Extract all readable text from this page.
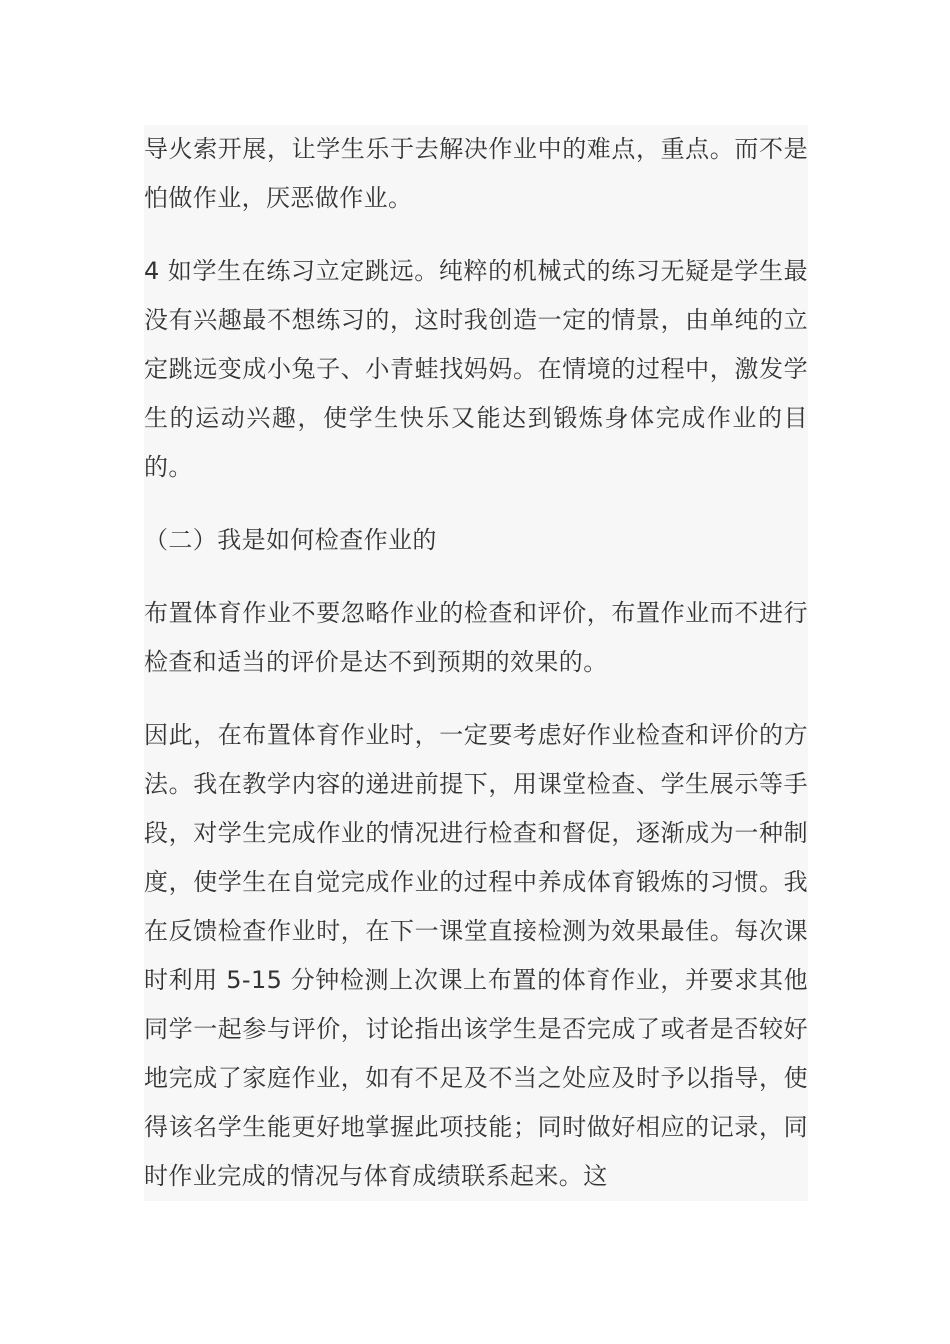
导火索开展，让学生乐于去解决作业中的难点，重点。而不是怕做作业，厌恶做作业。

4 如学生在练习立定跳远。纯粹的机械式的练习无疑是学生最没有兴趣最不想练习的，这时我创造一定的情景，由单纯的立定跳远变成小兔子、小青蛙找妈妈。在情境的过程中，激发学生的运动兴趣，使学生快乐又能达到锻炼身体完成作业的目的。

（二）我是如何检查作业的

布置体育作业不要忽略作业的检查和评价，布置作业而不进行检查和适当的评价是达不到预期的效果的。

因此，在布置体育作业时，一定要考虑好作业检查和评价的方法。我在教学内容的递进前提下，用课堂检查、学生展示等手段，对学生完成作业的情况进行检查和督促，逐渐成为一种制度，使学生在自觉完成作业的过程中养成体育锻炼的习惯。我在反馈检查作业时，在下一课堂直接检测为效果最佳。每次课时利用 5-15 分钟检测上次课上布置的体育作业，并要求其他同学一起参与评价，讨论指出该学生是否完成了或者是否较好地完成了家庭作业，如有不足及不当之处应及时予以指导，使得该名学生能更好地掌握此项技能；同时做好相应的记录，同时作业完成的情况与体育成绩联系起来。这
